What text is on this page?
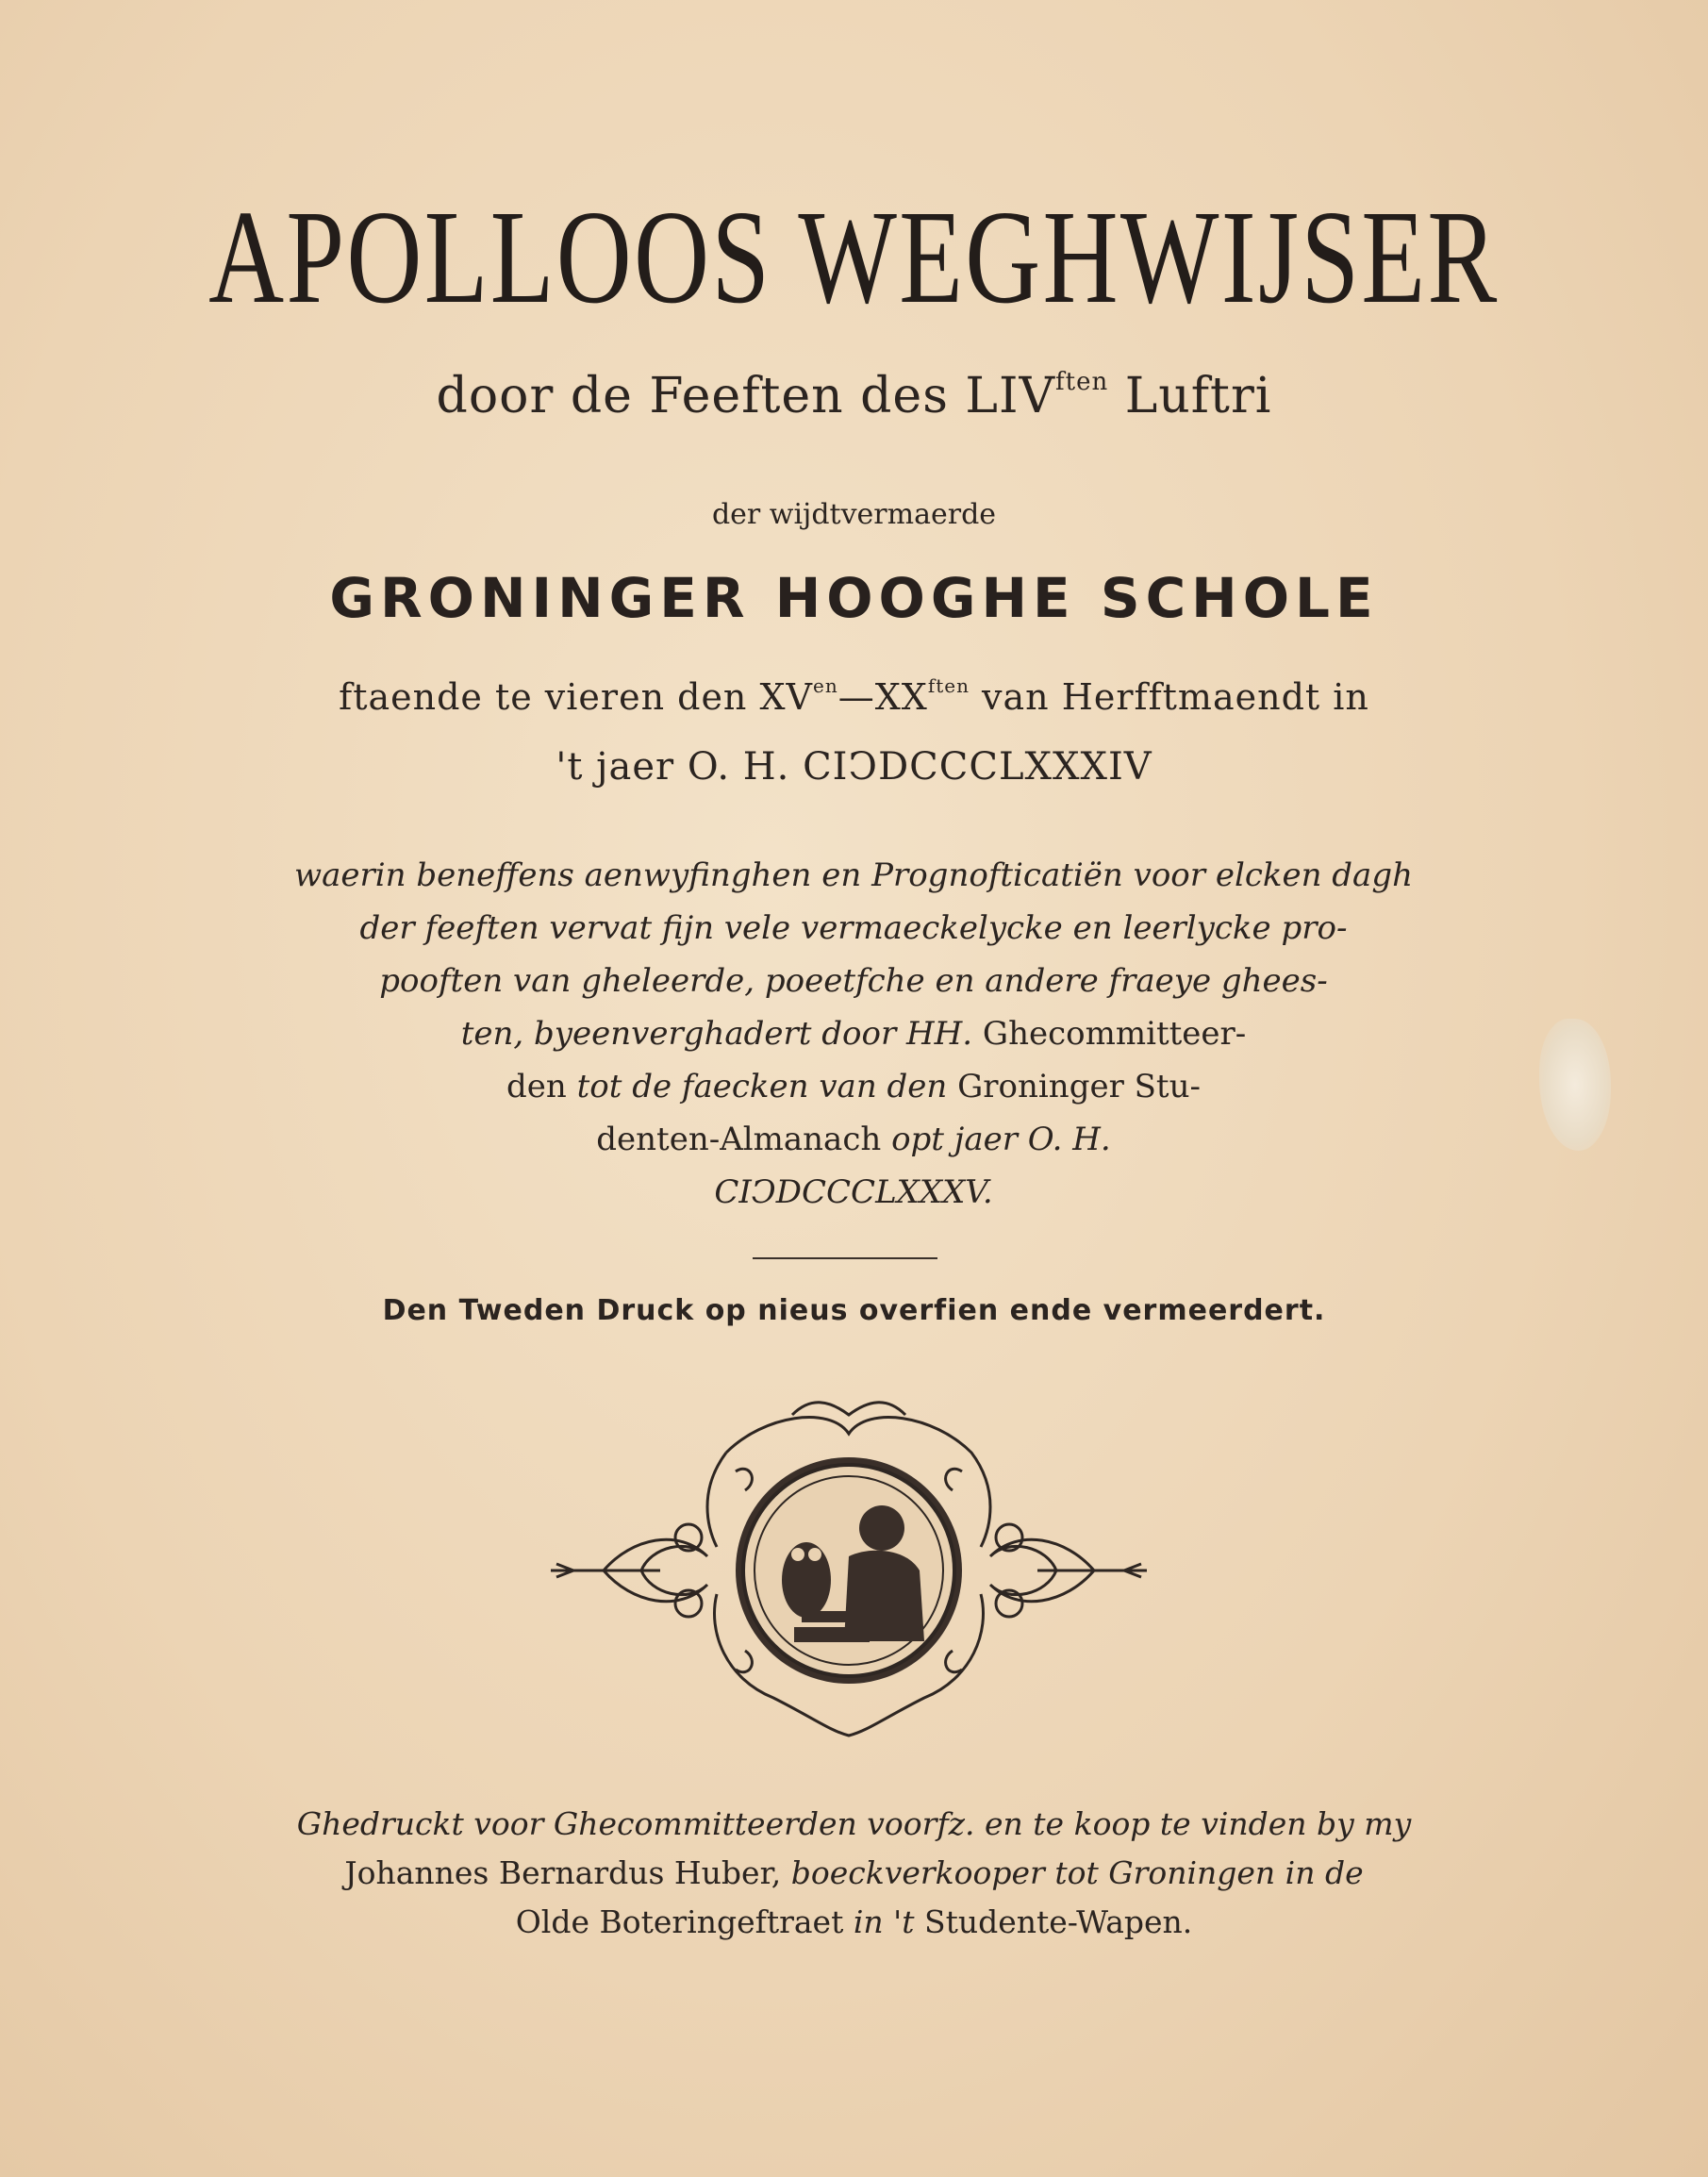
APOLLOOS WEGHWIJSER
door de Feeften des $LIV^{ften}$ Luftri
der wijdtvermaerde
GRONINGER HOOGHE SCHOLE
ftaende te vieren den $XV^{en}—XX^{ften}$ van Herfftmaendt in
't jaer O. H. CIↃDCCCLXXXIV
waerin beneffens aenwyfinghen en Prognofticatiën voor elcken dagh
der feeften vervat fijn vele vermaeckelycke en leerlycke pro-
pooften van gheleerde, poeetfche en andere fraeye ghees-
ten, byeenverghadert door HH. Ghecommitteer-
den tot de faecken van den Groninger Stu-
denten-Almanach opt jaer O. H.
CIↃDCCCLXXXV.
Den Tweden Druck op nieus overfien ende vermeerdert.
Ghedruckt voor Ghecommitteerden voorfz. en te koop te vinden by my
Johannes Bernardus Huber, boeckverkooper tot Groningen in de
Olde Boteringeftraet in 't Studente-Wapen.
